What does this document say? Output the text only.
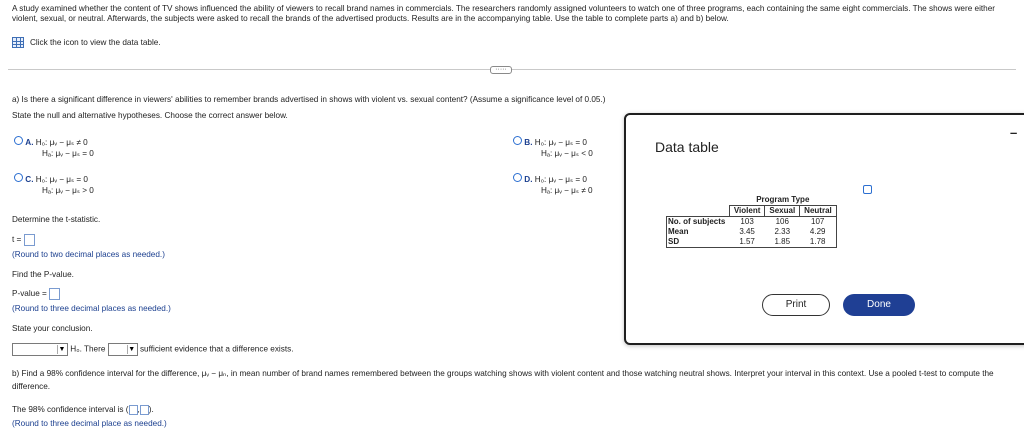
A study examined whether the content of TV shows influenced the ability of viewers to recall brand names in commercials. The researchers randomly assigned volunteers to watch one of three programs, each containing the same eight commercials. The shows were either violent, sexual, or neutral. Afterwards, the subjects were asked to recall the brands of the advertised products. Results are in the accompanying table. Use the table to complete parts a) and b) below.
Click the icon to view the data table.
·····
a) Is there a significant difference in viewers' abilities to remember brands advertised in shows with violent vs. sexual content? (Assume a significance level of 0.05.)
State the null and alternative hypotheses. Choose the correct answer below.
A. H₀: μᵥ − μₛ ≠ 0
Hₐ: μᵥ − μₛ = 0
B. H₀: μᵥ − μₛ = 0
Hₐ: μᵥ − μₛ < 0
C. H₀: μᵥ − μₛ = 0
Hₐ: μᵥ − μₛ > 0
D. H₀: μᵥ − μₛ = 0
Hₐ: μᵥ − μₛ ≠ 0
Determine the t-statistic.
t =
(Round to two decimal places as needed.)
Find the P-value.
P-value =
(Round to three decimal places as needed.)
State your conclusion.
▼ H₀. There	▼ sufficient evidence that a difference exists.
b) Find a 98% confidence interval for the difference, μᵥ − μₙ, in mean number of brand names remembered between the groups watching shows with violent content and those watching neutral shows. Interpret your interval in this context. Use a pooled t-test to compute the difference.
The 98% confidence interval is ( , ).
(Round to three decimal place as needed.)
Data table
–
	Program Type		
	Violent	Sexual	Neutral
No. of subjects	103	106	107
Mean	3.45	2.33	4.29
SD	1.57	1.85	1.78
Print	Done
